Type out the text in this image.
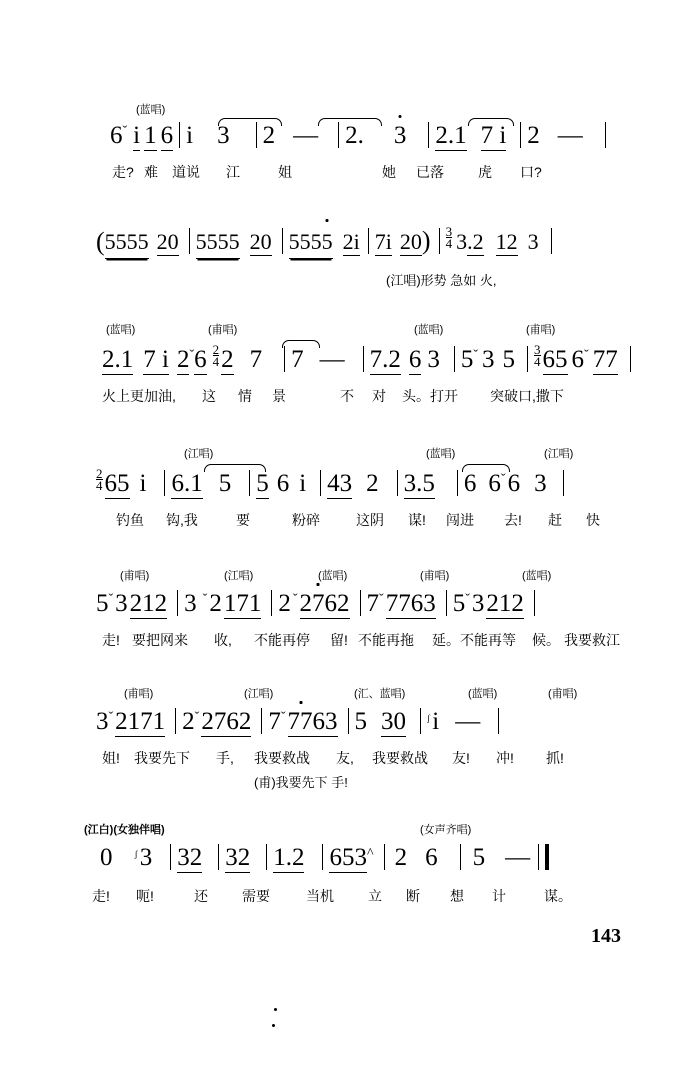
(蓝唱)
$6^ˇ$ i 1 6 i 3 2 — 2. 3 2.1 7 i 2 —
走? 难 道说 江	姐	她 已落 虎 口?
(5555 20 5555 20 5555 2i 7i $20) \frac{3}{4} 3.2$ 12 3
(江唱)形势 急如 火,
(蓝唱)	(甫唱)	(蓝唱)	(甫唱)
2.1 7 i $2^ˇ6 \frac{2}{4} 2$ 7 7 — 7.2 6 3 $5^ˇ$ 3 $5 \frac{3}{4} 65$ $6^ˇ$ 77
火上更加油, 这 情 景	不 对 头。打开 突破口,撒下
(江唱)	(蓝唱)	(江唱)
$\frac{2}{4} 65$ i 6.1 5 5 6 i 43 2 3.5 6 $6^ˇ6$ 3
钓鱼 钩,我	要	粉碎	这阴 谋! 闯进 去! 赶 快
(甫唱)	(江唱)	(蓝唱)	(甫唱)	(蓝唱)
$5^ˇ3212$ 3 $^ˇ$2171 2 $^ˇ$2762 $7^ˇ7763$ $5^ˇ3212$
走! 要把网来 收, 不能再停 留! 不能再拖 延。 不能再等 候。 我要救江
(甫唱)	(江唱)	(汇、蓝唱)	(蓝唱)	(甫唱)
$3^ˇ2171$ $2^ˇ2762$ $7^ˇ7763$ 5 30 ᶴi —
姐! 我要先下 手, 我要救战 友, 我要救战 友! 冲! 抓!
(甫)我要先下 手!
(江白)(女独伴唱)	(女声齐唱)
0 ᶴ3 32 32 1.2 653^ 2 6 5 —
走! 呃!	还 需要	当机 立 断 想 计	谋。
143
